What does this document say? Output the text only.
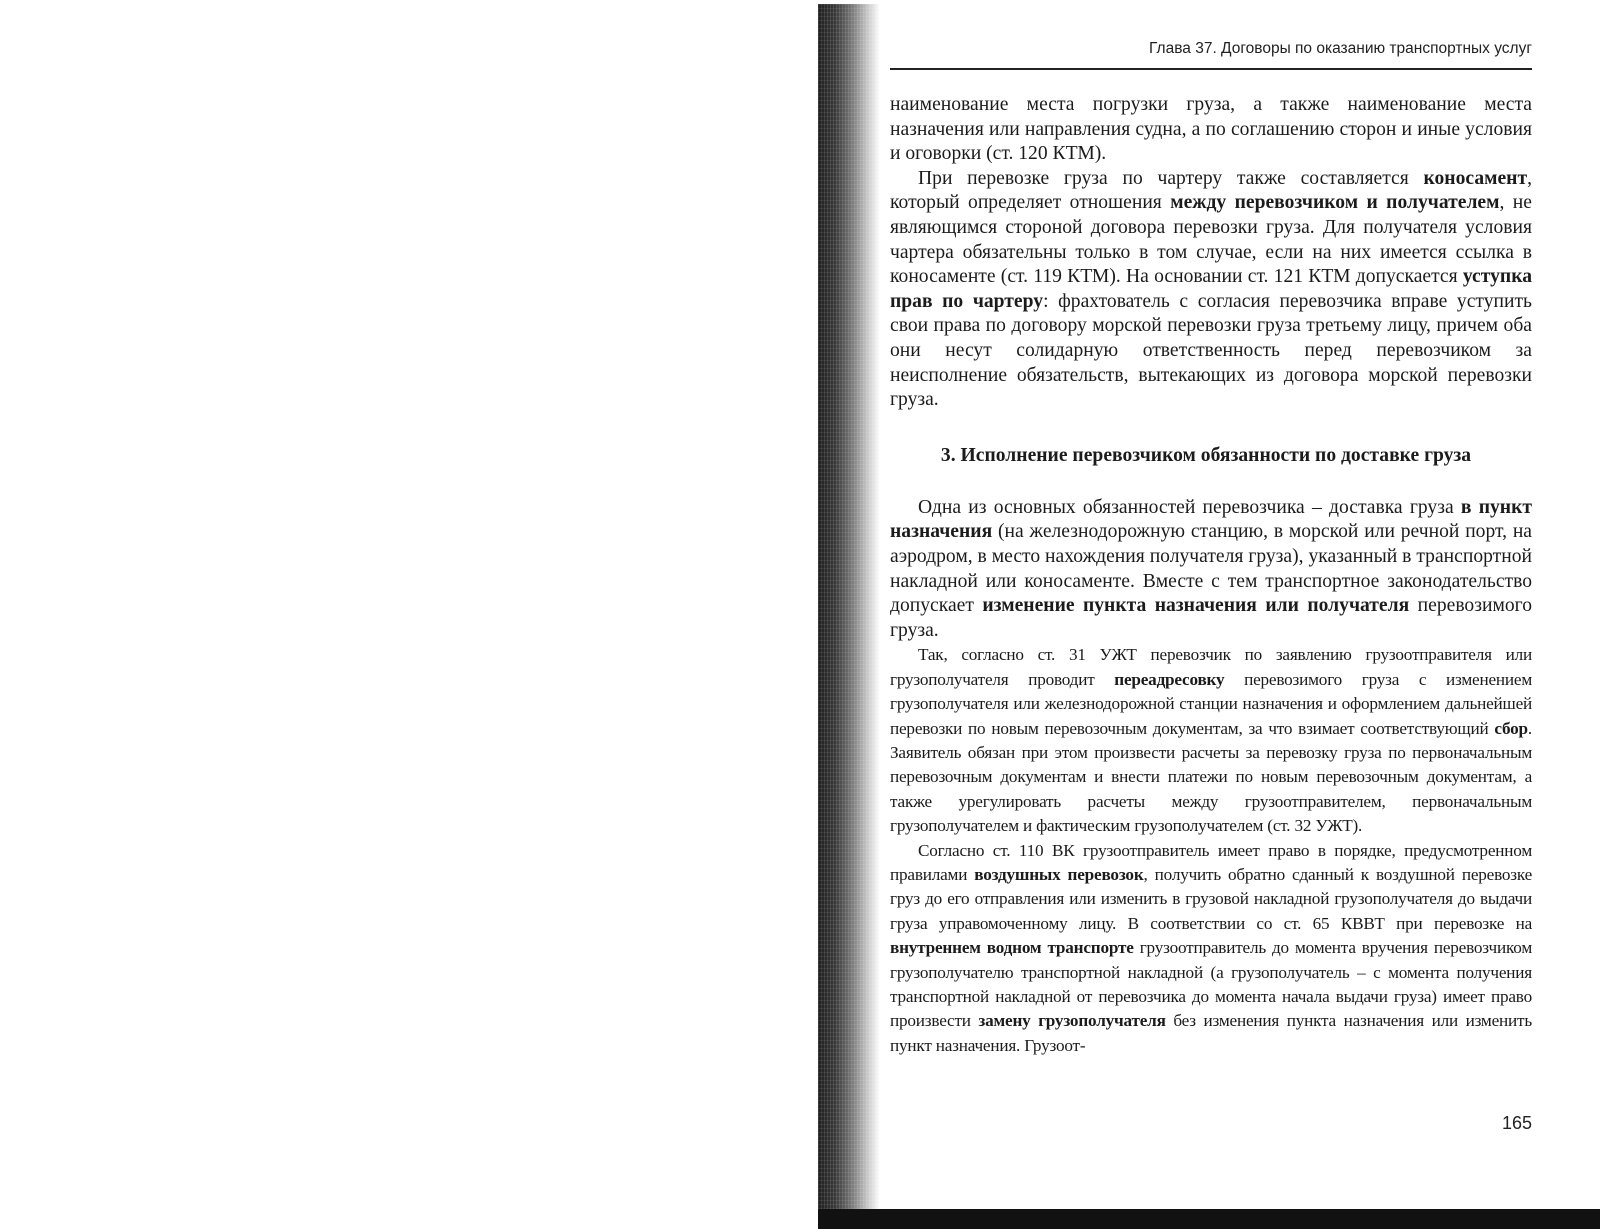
Глава 37. Договоры по оказанию транспортных услуг

наименование места погрузки груза, а также наименование места назначения или направления судна, а по соглашению сторон и иные условия и оговорки (ст. 120 КТМ).

При перевозке груза по чартеру также составляется коносамент, который определяет отношения между перевозчиком и получателем, не являющимся стороной договора перевозки груза. Для получателя условия чартера обязательны только в том случае, если на них имеется ссылка в коносаменте (ст. 119 КТМ). На основании ст. 121 КТМ допускается уступка прав по чартеру: фрахтователь с согласия перевозчика вправе уступить свои права по договору морской перевозки груза третьему лицу, причем оба они несут солидарную ответственность перед перевозчиком за неисполнение обязательств, вытекающих из договора морской перевозки груза.

3. Исполнение перевозчиком обязанности по доставке груза

Одна из основных обязанностей перевозчика – доставка груза в пункт назначения (на железнодорожную станцию, в морской или речной порт, на аэродром, в место нахождения получателя груза), указанный в транспортной накладной или коносаменте. Вместе с тем транспортное законодательство допускает изменение пункта назначения или получателя перевозимого груза.

Так, согласно ст. 31 УЖТ перевозчик по заявлению грузоотправителя или грузополучателя проводит переадресовку перевозимого груза с изменением грузополучателя или железнодорожной станции назначения и оформлением дальнейшей перевозки по новым перевозочным документам, за что взимает соответствующий сбор. Заявитель обязан при этом произвести расчеты за перевозку груза по первоначальным перевозочным документам и внести платежи по новым перевозочным документам, а также урегулировать расчеты между грузоотправителем, первоначальным грузополучателем и фактическим грузополучателем (ст. 32 УЖТ).

Согласно ст. 110 ВК грузоотправитель имеет право в порядке, предусмотренном правилами воздушных перевозок, получить обратно сданный к воздушной перевозке груз до его отправления или изменить в грузовой накладной грузополучателя до выдачи груза управомоченному лицу. В соответствии со ст. 65 КВВТ при перевозке на внутреннем водном транспорте грузоотправитель до момента вручения перевозчиком грузополучателю транспортной накладной (а грузополучатель – с момента получения транспортной накладной от перевозчика до момента начала выдачи груза) имеет право произвести замену грузополучателя без изменения пункта назначения или изменить пункт назначения. Грузоот-

165
